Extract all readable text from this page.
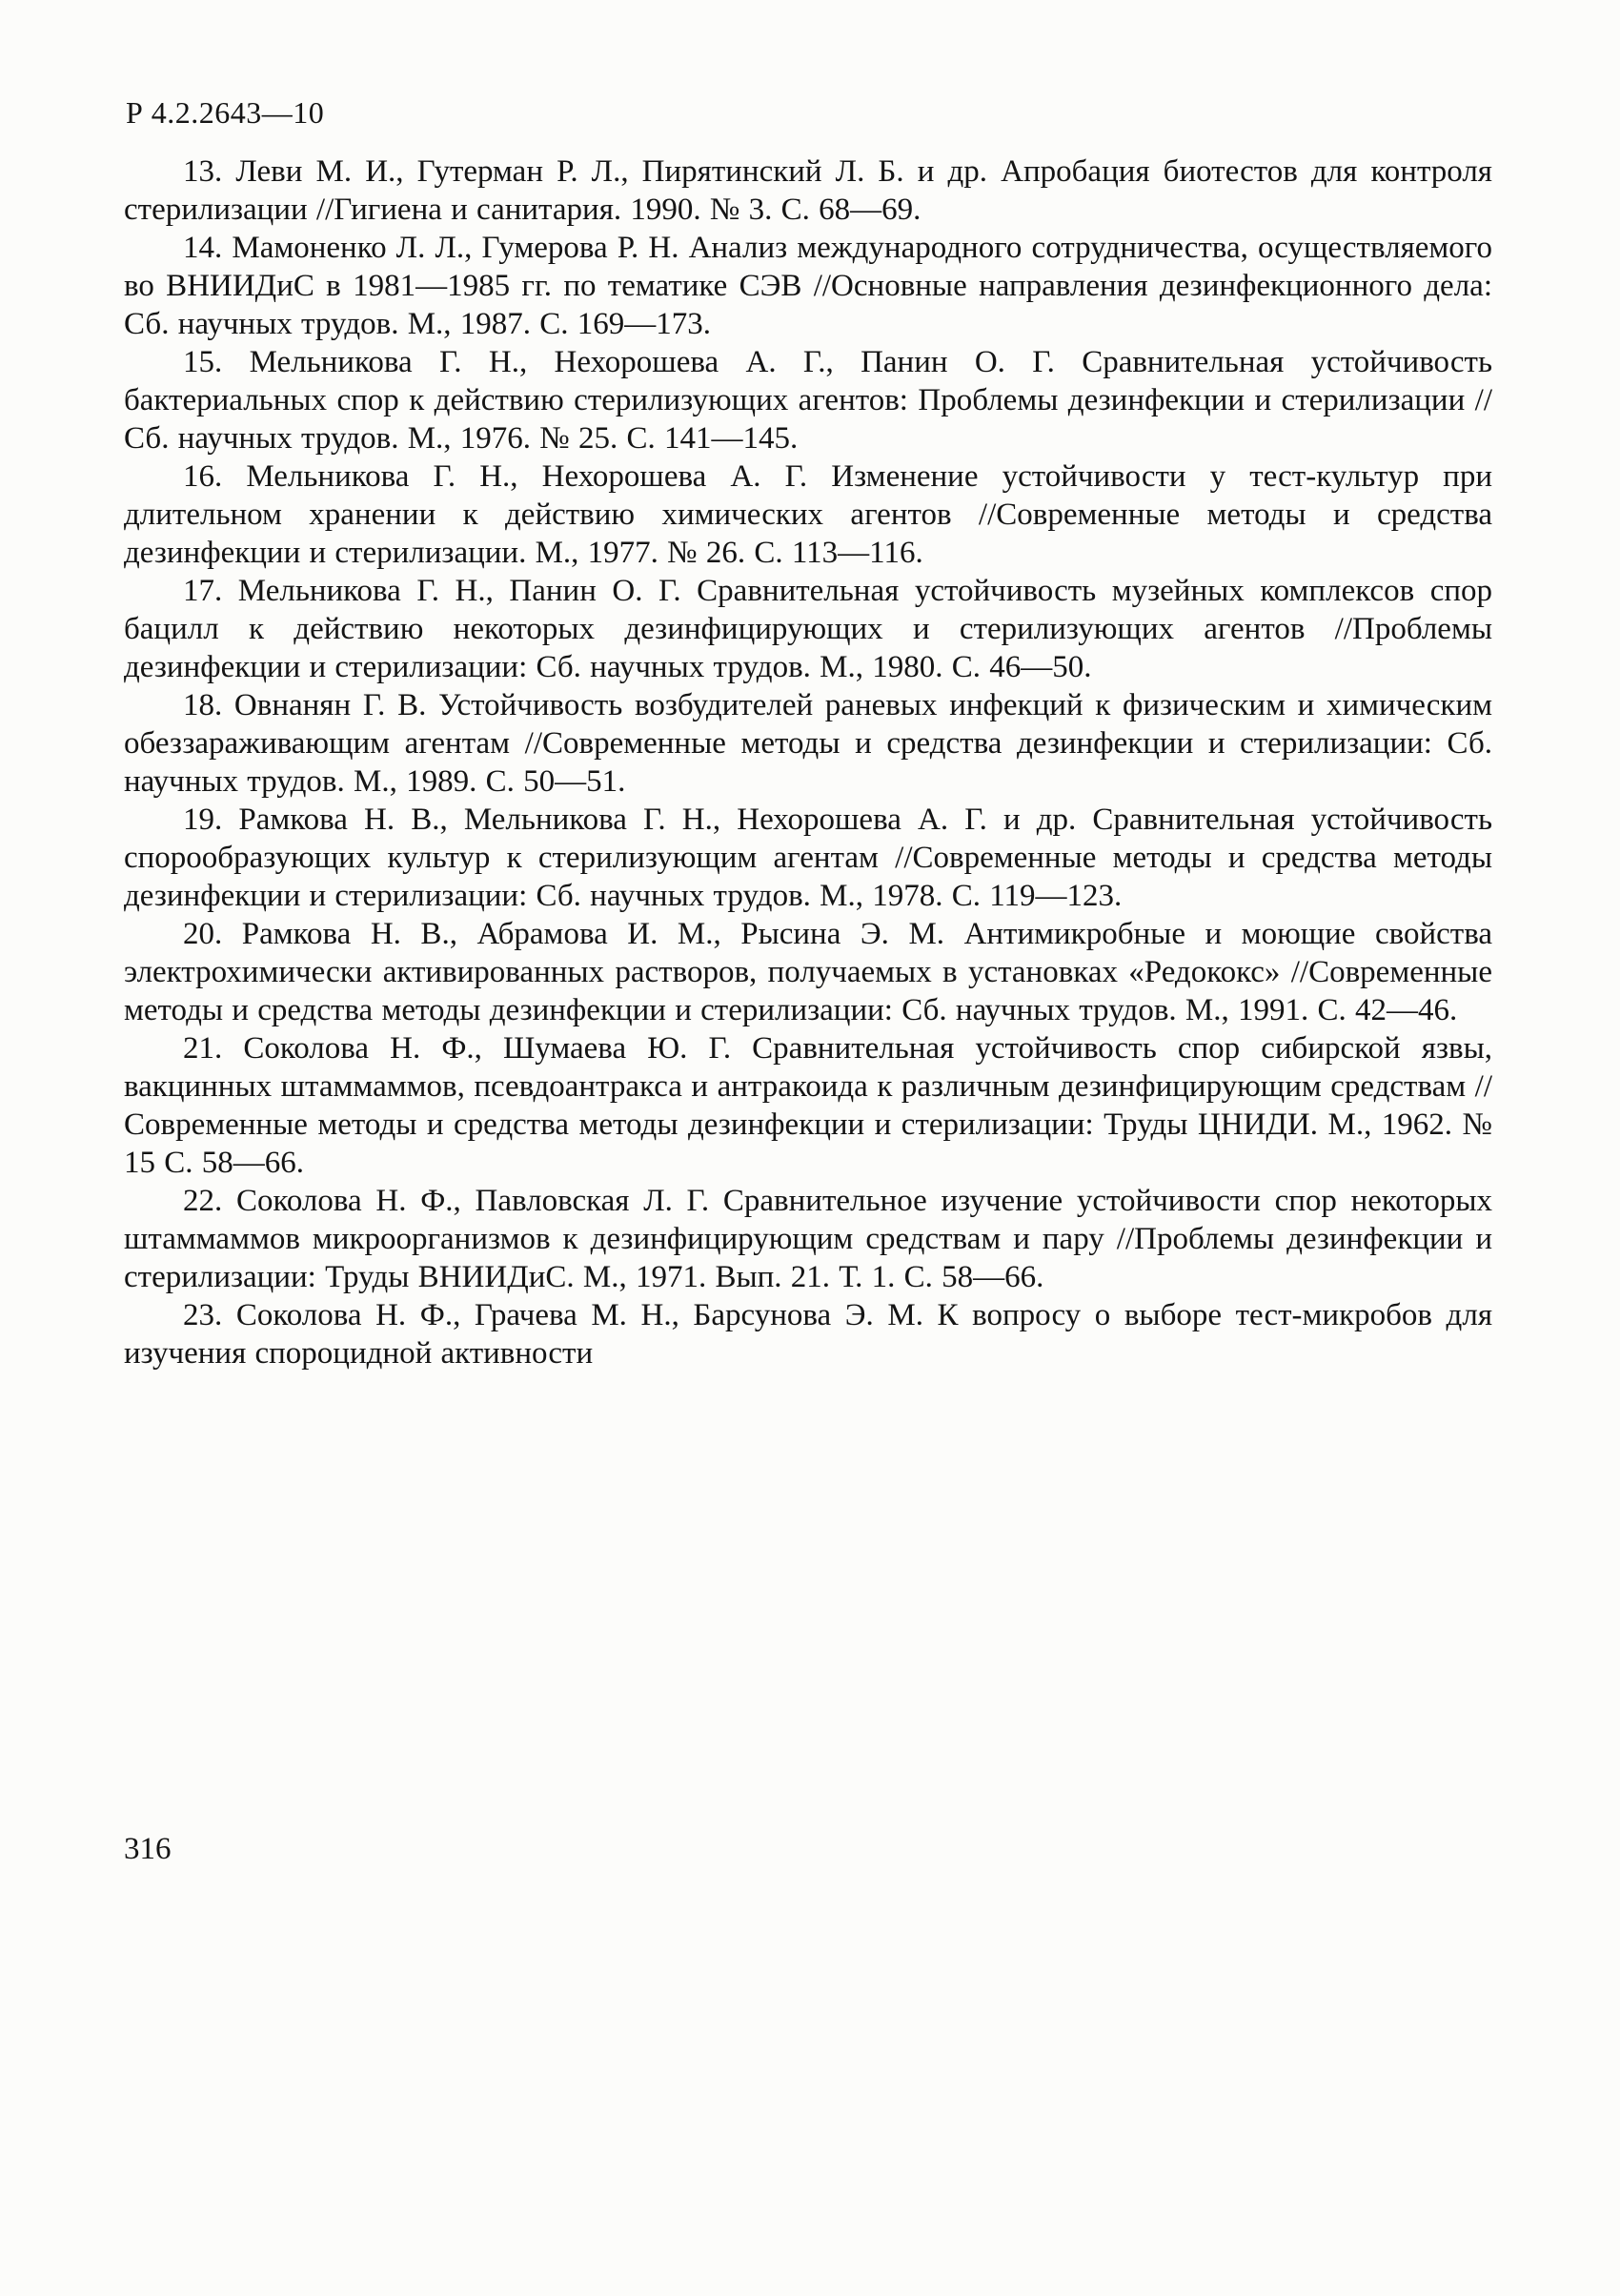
Р 4.2.2643—10

13. Леви М. И., Гутерман Р. Л., Пирятинский Л. Б. и др. Апробация биотестов для контроля стерилизации //Гигиена и санитария. 1990. № 3. С. 68—69.

14. Мамоненко Л. Л., Гумерова Р. Н. Анализ международного сотрудничества, осуществляемого во ВНИИДиС в 1981—1985 гг. по тематике СЭВ //Основные направления дезинфекционного дела: Сб. научных трудов. М., 1987. С. 169—173.

15. Мельникова Г. Н., Нехорошева А. Г., Панин О. Г. Сравнительная устойчивость бактериальных спор к действию стерилизующих агентов: Проблемы дезинфекции и стерилизации //Сб. научных трудов. М., 1976. № 25. С. 141—145.

16. Мельникова Г. Н., Нехорошева А. Г. Изменение устойчивости у тест-культур при длительном хранении к действию химических агентов //Современные методы и средства дезинфекции и стерилизации. М., 1977. № 26. С. 113—116.

17. Мельникова Г. Н., Панин О. Г. Сравнительная устойчивость музейных комплексов спор бацилл к действию некоторых дезинфицирующих и стерилизующих агентов //Проблемы дезинфекции и стерилизации: Сб. научных трудов. М., 1980. С. 46—50.

18. Овнанян Г. В. Устойчивость возбудителей раневых инфекций к физическим и химическим обеззараживающим агентам //Современные методы и средства дезинфекции и стерилизации: Сб. научных трудов. М., 1989. С. 50—51.

19. Рамкова Н. В., Мельникова Г. Н., Нехорошева А. Г. и др. Сравнительная устойчивость спорообразующих культур к стерилизующим агентам //Современные методы и средства методы дезинфекции и стерилизации: Сб. научных трудов. М., 1978. С. 119—123.

20. Рамкова Н. В., Абрамова И. М., Рысина Э. М. Антимикробные и моющие свойства электрохимически активированных растворов, получаемых в установках «Редококс» //Современные методы и средства методы дезинфекции и стерилизации: Сб. научных трудов. М., 1991. С. 42—46.

21. Соколова Н. Ф., Шумаева Ю. Г. Сравнительная устойчивость спор сибирской язвы, вакцинных штаммаммов, псевдоантракса и антракоида к различным дезинфицирующим средствам //Современные методы и средства методы дезинфекции и стерилизации: Труды ЦНИДИ. М., 1962. № 15 С. 58—66.

22. Соколова Н. Ф., Павловская Л. Г. Сравнительное изучение устойчивости спор некоторых штаммаммов микроорганизмов к дезинфицирующим средствам и пару //Проблемы дезинфекции и стерилизации: Труды ВНИИДиС. М., 1971. Вып. 21. Т. 1. С. 58—66.

23. Соколова Н. Ф., Грачева М. Н., Барсунова Э. М. К вопросу о выборе тест-микробов для изучения спороцидной активности

316
